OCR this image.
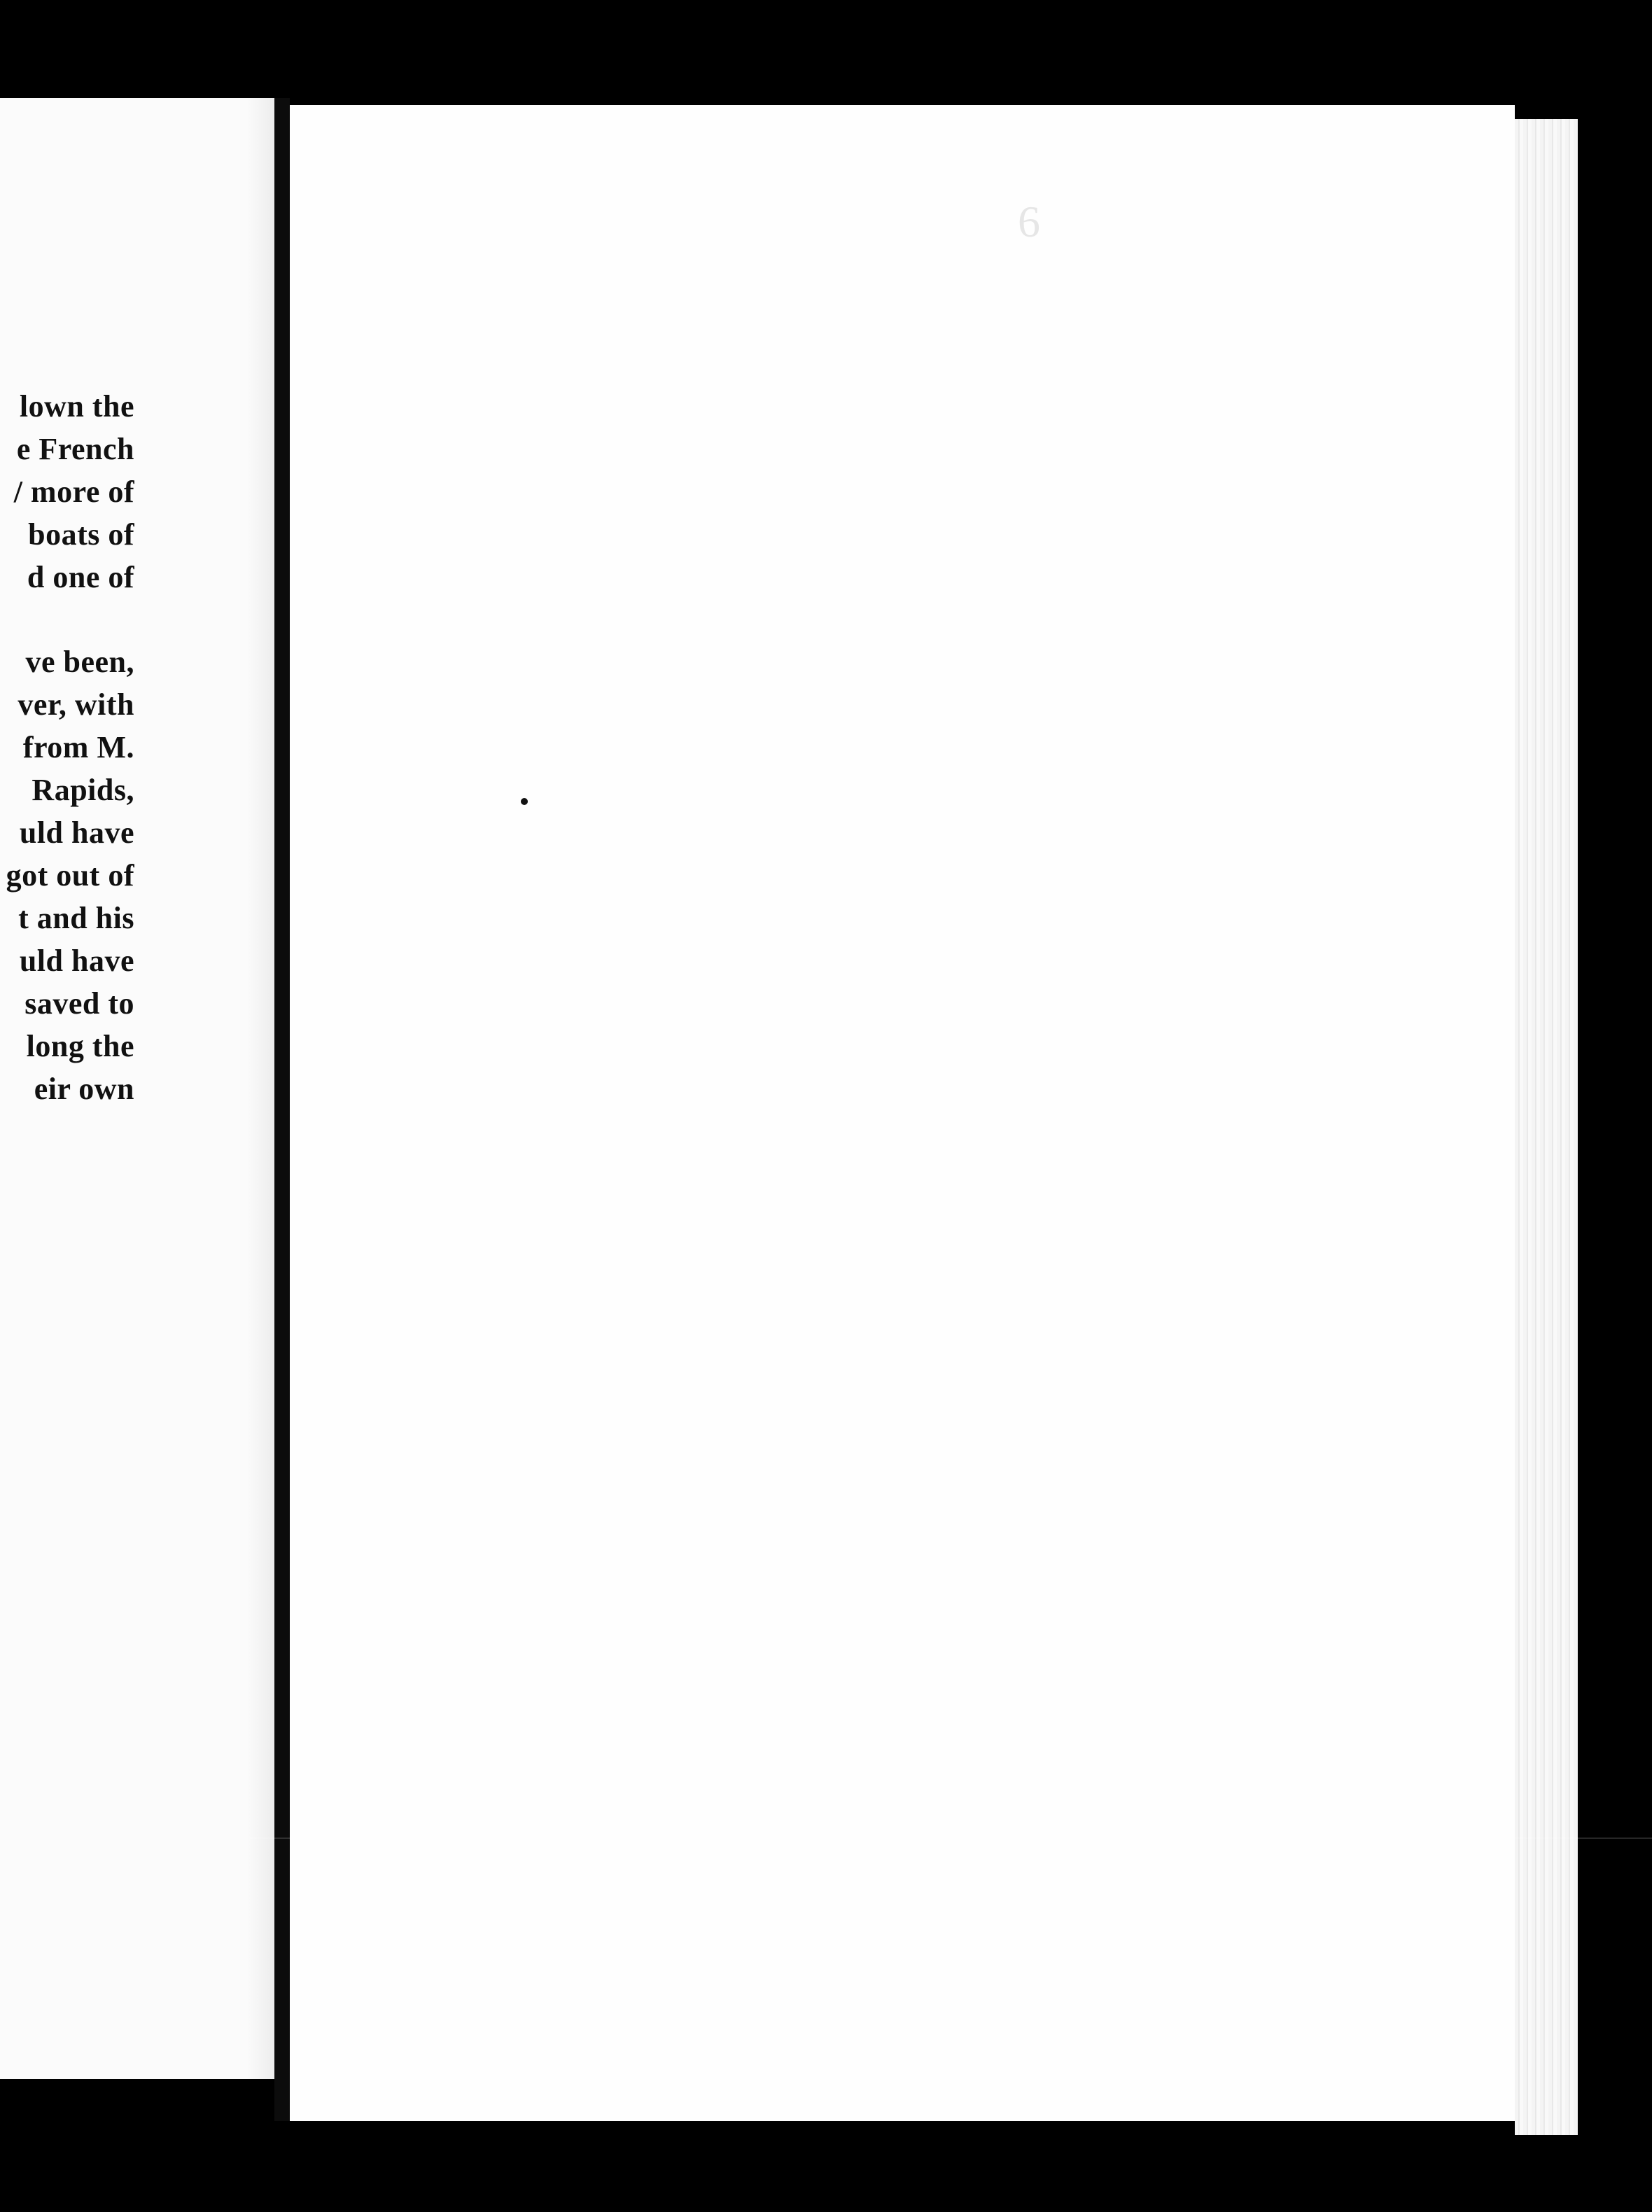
lown the
e French
/ more of
boats of
d one of
ve been,
ver, with
from M.
Rapids,
uld have
got out of
t and his
uld have
saved to
long the
eir own
6
